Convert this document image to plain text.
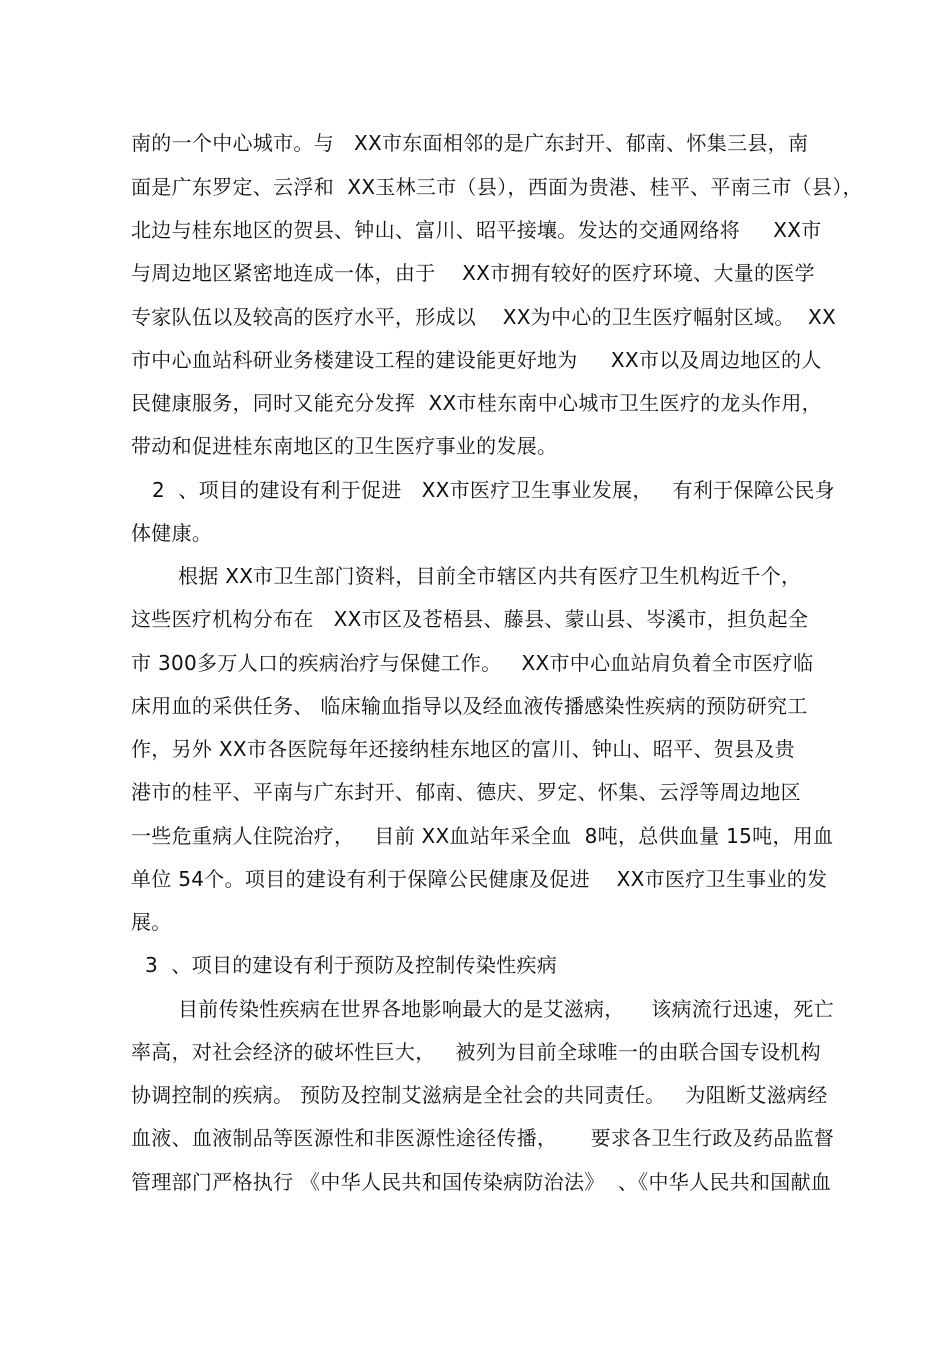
南的一个中心城市。与   XX市东面相邻的是广东封开、郁南、怀集三县，南
面是广东罗定、云浮和  XX玉林三市（县），西面为贵港、桂平、平南三市（县），
北边与桂东地区的贺县、钟山、富川、昭平接壤。发达的交通网络将     XX市
与周边地区紧密地连成一体，由于    XX市拥有较好的医疗环境、大量的医学
专家队伍以及较高的医疗水平，形成以    XX为中心的卫生医疗幅射区域。  XX
市中心血站科研业务楼建设工程的建设能更好地为     XX市以及周边地区的人
民健康服务，同时又能充分发挥  XX市桂东南中心城市卫生医疗的龙头作用，
带动和促进桂东南地区的卫生医疗事业的发展。
2  、项目的建设有利于促进   XX市医疗卫生事业发展，   有利于保障公民身
体健康。
根据 XX市卫生部门资料，目前全市辖区内共有医疗卫生机构近千个，
这些医疗机构分布在   XX市区及苍梧县、藤县、蒙山县、岑溪市，担负起全
市 300多万人口的疾病治疗与保健工作。   XX市中心血站肩负着全市医疗临
床用血的采供任务、 临床输血指导以及经血液传播感染性疾病的预防研究工
作，另外 XX市各医院每年还接纳桂东地区的富川、钟山、昭平、贺县及贵
港市的桂平、平南与广东封开、郁南、德庆、罗定、怀集、云浮等周边地区
一些危重病人住院治疗，   目前 XX血站年采全血  8吨，总供血量 15吨，用血
单位 54个。项目的建设有利于保障公民健康及促进    XX市医疗卫生事业的发
展。
3  、项目的建设有利于预防及控制传染性疾病
目前传染性疾病在世界各地影响最大的是艾滋病，    该病流行迅速，死亡
率高，对社会经济的破坏性巨大，   被列为目前全球唯一的由联合国专设机构
协调控制的疾病。 预防及控制艾滋病是全社会的共同责任。   为阻断艾滋病经
血液、血液制品等医源性和非医源性途径传播，     要求各卫生行政及药品监督
管理部门严格执行 《中华人民共和国传染病防治法》  、《中华人民共和国献血
